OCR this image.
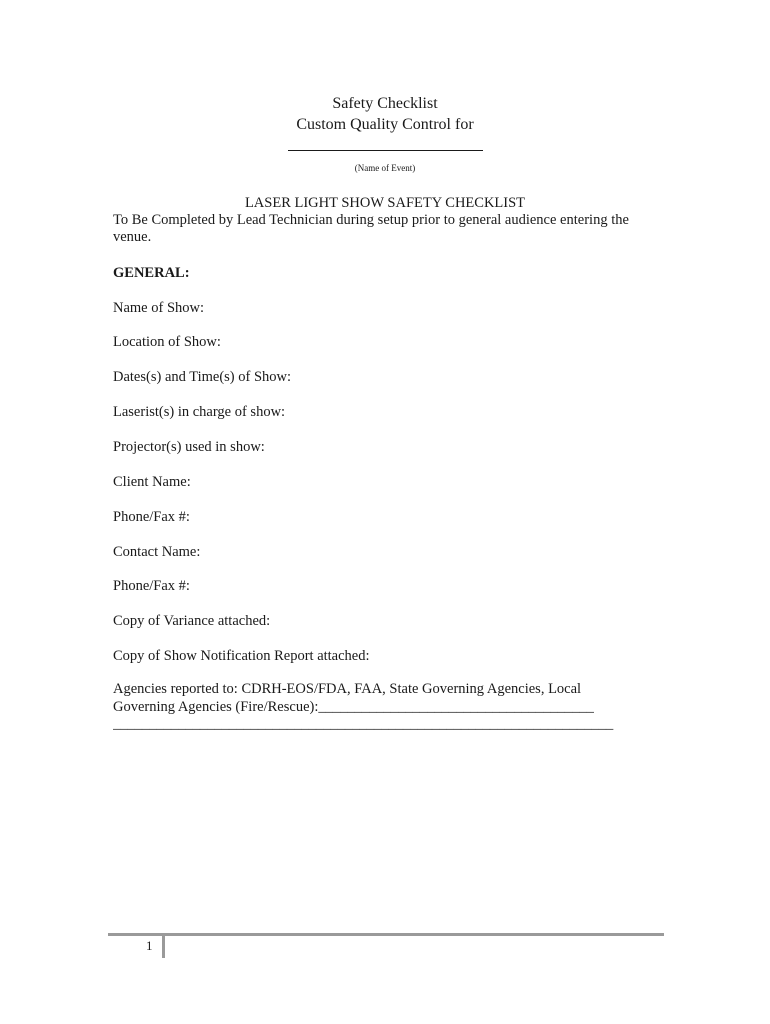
Safety Checklist
Custom Quality Control for
(Name of Event)
LASER LIGHT SHOW SAFETY CHECKLIST
To Be Completed by Lead Technician during setup prior to general audience entering the venue.
GENERAL:
Name of Show:
Location of Show:
Dates(s) and Time(s) of Show:
Laserist(s) in charge of show:
Projector(s) used in show:
Client Name:
Phone/Fax #:
Contact Name:
Phone/Fax #:
Copy of Variance attached:
Copy of Show Notification Report attached:
Agencies reported to: CDRH-EOS/FDA, FAA, State Governing Agencies, Local
Governing Agencies (Fire/Rescue):______________________________________
_____________________________________________________________________
1
